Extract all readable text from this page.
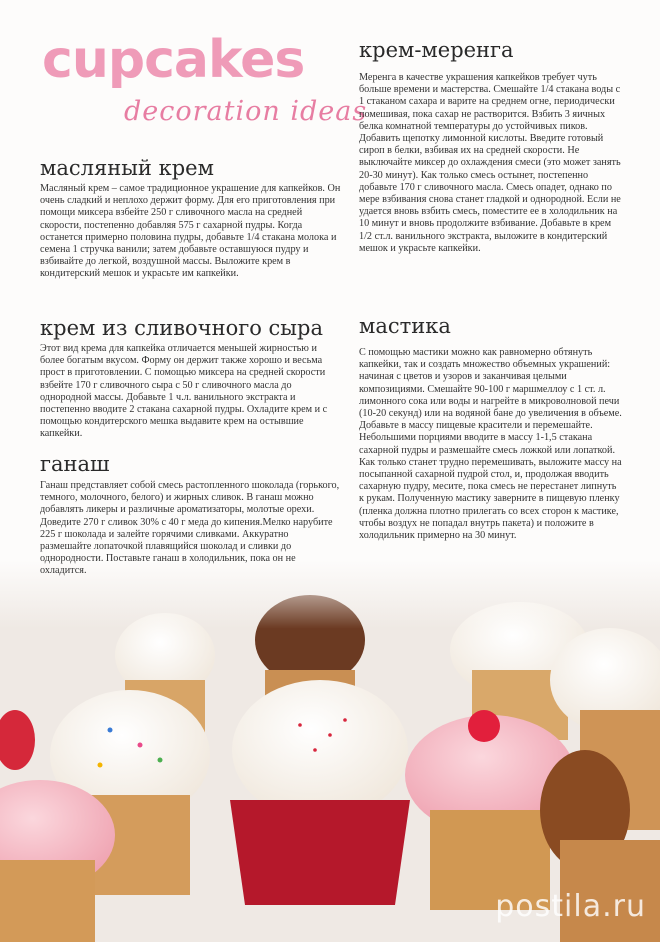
cupcakes
decoration ideas
масляный крем

Масляный крем – самое традиционное украшение для капкейков. Он очень сладкий и неплохо держит форму. Для его приготовления при помощи миксера взбейте 250 г сливочного масла на средней скорости, постепенно добавляя 575 г сахарной пудры. Когда останется примерно половина пудры, добавьте 1/4 стакана молока и семена 1 стручка ванили; затем добавьте оставшуюся пудру и взбивайте до легкой, воздушной массы. Выложите крем в кондитерский мешок и украсьте им капкейки.

крем из сливочного сыра

Этот вид крема для капкейка отличается меньшей жирностью и более богатым вкусом. Форму он держит также хорошо и весьма прост в приготовлении. С помощью миксера на средней скорости взбейте 170 г сливочного сыра с 50 г сливочного масла до однородной массы. Добавьте 1 ч.л. ванильного экстракта и постепенно вводите 2 стакана сахарной пудры. Охладите крем и с помощью кондитерского мешка выдавите крем на остывшие капкейки.

ганаш

Ганаш представляет собой смесь растопленного шоколада (горького, темного, молочного, белого) и жирных сливок. В ганаш можно добавлять ликеры и различные ароматизаторы, молотые орехи. Доведите 270 г сливок 30% с 40 г меда до кипения.Мелко нарубите 225 г шоколада и залейте горячими сливками. Аккуратно размешайте лопаточкой плавящийся шоколад и сливки до однородности. Поставьте ганаш в холодильник, пока он не охладится.

крем-меренга

Меренга в качестве украшения капкейков требует чуть больше времени и мастерства. Смешайте 1/4 стакана воды с 1 стаканом сахара и варите на среднем огне, периодически помешивая, пока сахар не растворится. Взбить 3 яичных белка комнатной температуры до устойчивых пиков. Добавить щепотку лимонной кислоты. Введите готовый сироп в белки, взбивая их на средней скорости. Не выключайте миксер до охлаждения смеси (это может занять 20-30 минут). Как только смесь остынет, постепенно добавьте 170 г сливочного масла. Смесь опадет, однако по мере взбивания снова станет гладкой и однородной. Если не удается вновь взбить смесь, поместите ее в холодильник на 10 минут и вновь продолжите взбивание. Добавьте в крем 1/2 ст.л. ванильного экстракта, выложите в кондитерский мешок и украсьте капкейки.

мастика

С помощью мастики можно как равномерно обтянуть капкейки, так и создать множество объемных украшений: начиная с цветов и узоров и заканчивая целыми композициями. Смешайте 90-100 г маршмеллоу с 1 ст. л. лимонного сока или воды и нагрейте в микроволновой печи (10-20 секунд) или на водяной бане до увеличения в объеме. Добавьте в массу пищевые красители и перемешайте. Небольшими порциями вводите в массу 1-1,5 стакана сахарной пудры и размешайте смесь ложкой или лопаткой. Как только станет трудно перемешивать, выложите массу на посыпанной сахарной пудрой стол, и, продолжая вводить сахарную пудру, месите, пока смесь не перестанет липнуть к рукам. Полученную мастику заверните в пищевую пленку (пленка должна плотно прилегать со всех сторон к мастике, чтобы воздух не попадал внутрь пакета) и положите в холодильник примерно на 30 минут.

postila.ru
